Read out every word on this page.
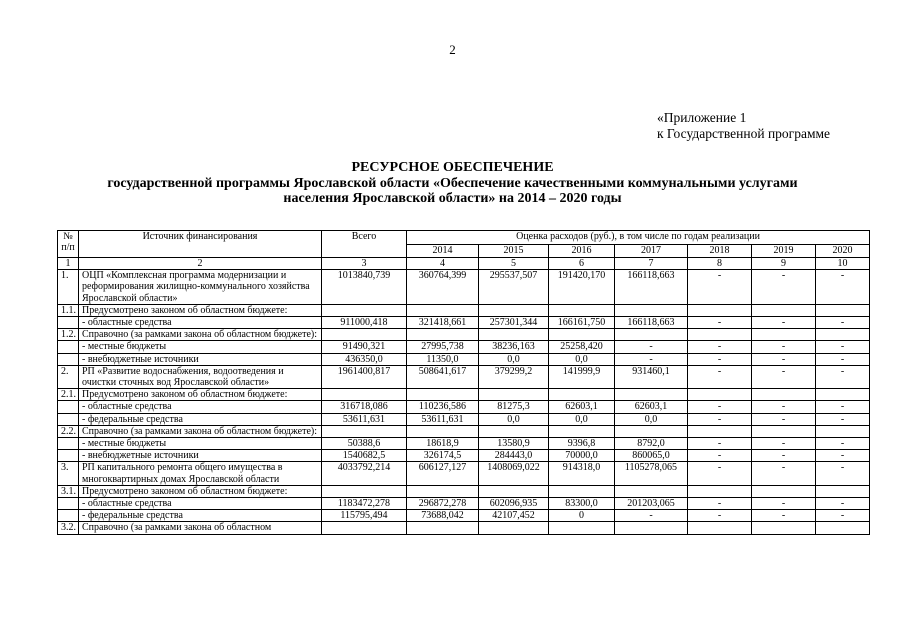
2
«Приложение 1
к Государственной программе
РЕСУРСНОЕ ОБЕСПЕЧЕНИЕ
государственной программы Ярославской области «Обеспечение качественными коммунальными услугами
населения Ярославской области» на 2014 – 2020 годы
№
п/п	Источник финансирования	Всего	Оценка расходов (руб.), в том числе по годам реализации						
			2014	2015	2016	2017	2018	2019	2020
1	2	3	4	5	6	7	8	9	10
1.	ОЦП «Комплексная программа модернизации и реформирования жилищно-коммунального хозяйства Ярославской области»	1013840,739	360764,399	295537,507	191420,170	166118,663	-	-	-
1.1.	Предусмотрено законом об областном бюджете:								
	- областные средства	911000,418	321418,661	257301,344	166161,750	166118,663	-	-	-
1.2.	Справочно (за рамками закона об областном бюджете):								
	- местные бюджеты	91490,321	27995,738	38236,163	25258,420	-	-	-	-
	- внебюджетные источники	436350,0	11350,0	0,0	0,0	-	-	-	-
2.	РП «Развитие водоснабжения, водоотведения и очистки сточных вод Ярославской области»	1961400,817	508641,617	379299,2	141999,9	931460,1	-	-	-
2.1.	Предусмотрено законом об областном бюджете:								
	- областные средства	316718,086	110236,586	81275,3	62603,1	62603,1	-	-	-
	- федеральные средства	53611,631	53611,631	0,0	0,0	0,0	-	-	-
2.2.	Справочно (за рамками закона об областном бюджете):								
	- местные бюджеты	50388,6	18618,9	13580,9	9396,8	8792,0	-	-	-
	- внебюджетные источники	1540682,5	326174,5	284443,0	70000,0	860065,0	-	-	-
3.	РП капитального ремонта общего имущества в многоквартирных домах Ярославской области	4033792,214	606127,127	1408069,022	914318,0	1105278,065	-	-	-
3.1.	Предусмотрено законом об областном бюджете:								
	- областные средства	1183472,278	296872,278	602096,935	83300,0	201203,065	-	-	-
	- федеральные средства	115795,494	73688,042	42107,452	0	-	-	-	-
3.2.	Справочно (за рамками закона об областном								
